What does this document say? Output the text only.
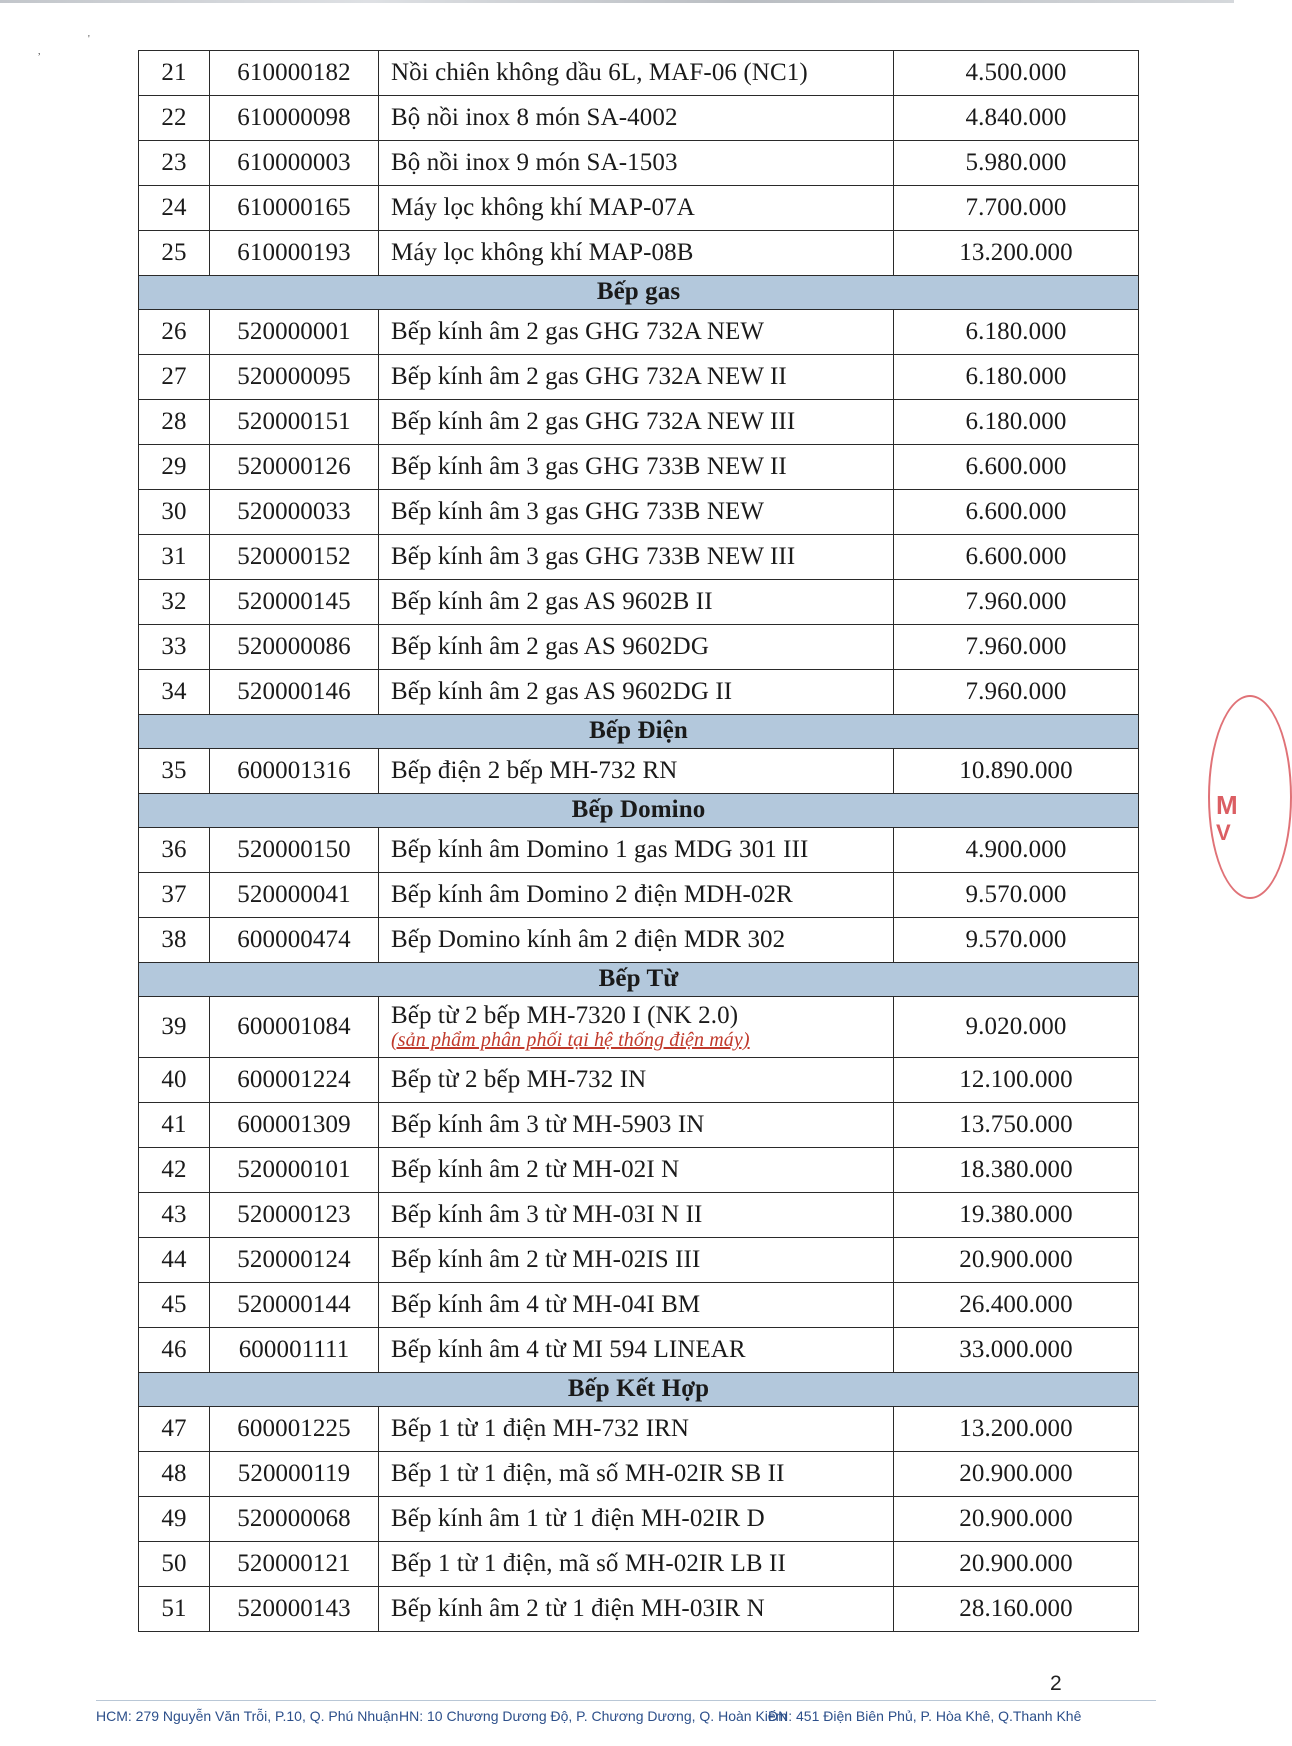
,
'
21	610000182	Nồi chiên không dầu 6L, MAF-06 (NC1)	4.500.000
22	610000098	Bộ nồi inox 8 món SA-4002	4.840.000
23	610000003	Bộ nồi inox 9 món SA-1503	5.980.000
24	610000165	Máy lọc không khí MAP-07A	7.700.000
25	610000193	Máy lọc không khí MAP-08B	13.200.000
Bếp gas			
26	520000001	Bếp kính âm 2 gas GHG 732A NEW	6.180.000
27	520000095	Bếp kính âm 2 gas GHG 732A NEW II	6.180.000
28	520000151	Bếp kính âm 2 gas GHG 732A NEW III	6.180.000
29	520000126	Bếp kính âm 3 gas GHG 733B NEW II	6.600.000
30	520000033	Bếp kính âm 3 gas GHG 733B NEW	6.600.000
31	520000152	Bếp kính âm 3 gas GHG 733B NEW III	6.600.000
32	520000145	Bếp kính âm 2 gas AS 9602B II	7.960.000
33	520000086	Bếp kính âm 2 gas AS 9602DG	7.960.000
34	520000146	Bếp kính âm 2 gas AS 9602DG II	7.960.000
Bếp Điện			
35	600001316	Bếp điện 2 bếp MH-732 RN	10.890.000
Bếp Domino			
36	520000150	Bếp kính âm Domino 1 gas MDG 301 III	4.900.000
37	520000041	Bếp kính âm Domino 2 điện MDH-02R	9.570.000
38	600000474	Bếp Domino kính âm 2 điện MDR 302	9.570.000
Bếp Từ			
39	600001084	Bếp từ 2 bếp MH-7320 I (NK 2.0)
(sản phẩm phân phối tại hệ thống điện máy)	9.020.000
40	600001224	Bếp từ 2 bếp MH-732 IN	12.100.000
41	600001309	Bếp kính âm 3 từ MH-5903 IN	13.750.000
42	520000101	Bếp kính âm 2 từ MH-02I N	18.380.000
43	520000123	Bếp kính âm 3 từ MH-03I N II	19.380.000
44	520000124	Bếp kính âm 2 từ MH-02IS III	20.900.000
45	520000144	Bếp kính âm 4 từ MH-04I BM	26.400.000
46	600001111	Bếp kính âm 4 từ MI 594 LINEAR	33.000.000
Bếp Kết Hợp			
47	600001225	Bếp 1 từ 1 điện MH-732 IRN	13.200.000
48	520000119	Bếp 1 từ 1 điện, mã số MH-02IR SB II	20.900.000
49	520000068	Bếp kính âm 1 từ 1 điện MH-02IR D	20.900.000
50	520000121	Bếp 1 từ 1 điện, mã số MH-02IR LB II	20.900.000
51	520000143	Bếp kính âm 2 từ 1 điện MH-03IR N	28.160.000
2
M
V
HCM: 279 Nguyễn Văn Trỗi, P.10, Q. Phú Nhuận HN: 10 Chương Dương Độ, P. Chương Dương, Q. Hoàn Kiếm
ĐN: 451 Điện Biên Phủ, P. Hòa Khê, Q.Thanh Khê
